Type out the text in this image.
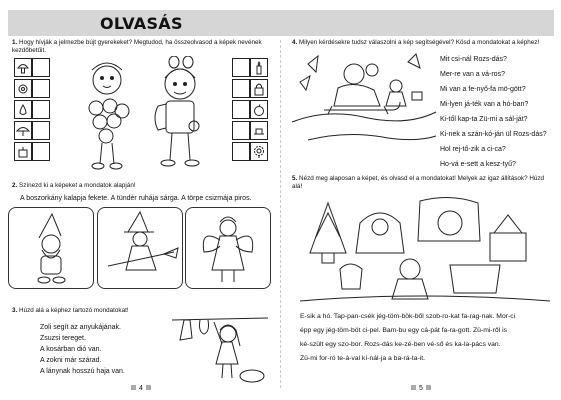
OLVASÁS
1. Hogy hívják a jelmezbe bújt gyerekeket? Megtudod, ha összeolvasod a képek nevének kezdőbetűit.
2. Színezd ki a képeket a mondatok alapján!
A boszorkány kalapja fekete. A tündér ruhája sárga. A törpe csizmája piros.
3. Húzd alá a képhez tartozó mondatokat!
Zoli segít az anyukájának.
Zsuzsi tereget.
A kosárban dió van.
A zokni már szárad.
A lánynak hosszú haja van.
4
4. Milyen kérdésekre tudsz válaszolni a kép segítségével? Kösd a mondatokat a képhez!
Mit csi-nál Rozs-dás?
Mer-re van a vá-ros?
Mi van a fe-nyő-fa mö-gött?
Mi-lyen já-ték van a hó-ban?
Ki-től kap-ta Zü-mi a sál-ját?
Ki-nek a szán-kó-ján ül Rozs-dás?
Hol rej-tő-zik a ci-ca?
Ho-vá e-sett a kesz-tyű?
5. Nézd meg alaposan a képet, és olvasd el a mondatokat! Melyek az igaz állítások? Húzd alá!
E-sik a hó. Tap-pan-csék jég-töm-bök-ből szob-ro-kat fa-rag-nak. Mor-ci
épp egy jég-töm-böt ci-pel. Bam-bu egy cá-pát fa-ra-gott. Zü-mi-ről is
ké-szült egy szo-bor. Rozs-dás ke-zé-ben vé-ső és ka-la-pács van.
Zü-mi for-ró te-á-val kí-nál-ja a ba-rá-ta-it.
5
